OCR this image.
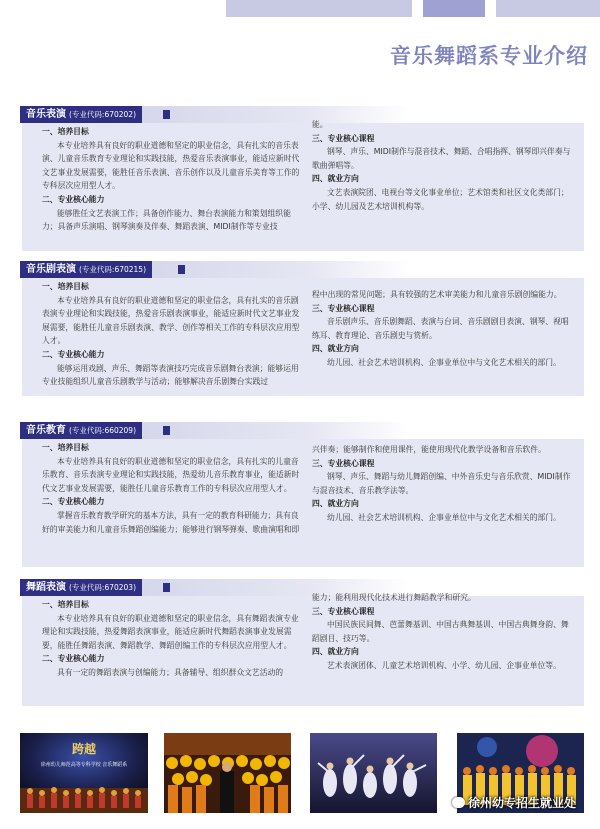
音乐舞蹈系专业介绍
音乐表演 (专业代码:670202)

一、培养目标

本专业培养具有良好的职业道德和坚定的职业信念，具有扎实的音乐表演、儿童音乐教育专业理论和实践技能，热爱音乐表演事业，能适应新时代文艺事业发展需要，能胜任音乐表演、音乐创作以及儿童音乐美育等工作的专科层次应用型人才。

二、专业核心能力

能够胜任文艺表演工作；具备创作能力、舞台表演能力和策划组织能力；具备声乐演唱、钢琴演奏及伴奏、舞蹈表演、MIDI制作等专业技

能。

三、专业核心课程

钢琴、声乐、MIDI制作与混音技术、舞蹈、合唱指挥、钢琴即兴伴奏与歌曲弹唱等。

四、就业方向

文艺表演院团、电视台等文化事业单位；艺术馆类和社区文化类部门；小学、幼儿园及艺术培训机构等。

音乐剧表演 (专业代码:670215)

一、培养目标

本专业培养具有良好的职业道德和坚定的职业信念，具有扎实的音乐剧表演专业理论和实践技能，热爱音乐剧表演事业，能适应新时代文艺事业发展需要，能胜任儿童音乐剧表演、教学、创作等相关工作的专科层次应用型人才。

二、专业核心能力

能够运用戏剧、声乐、舞蹈等表演技巧完成音乐剧舞台表演；能够运用专业技能组织儿童音乐剧教学与活动；能够解决音乐剧舞台实践过

程中出现的常见问题；具有较强的艺术审美能力和儿童音乐剧创编能力。

三、专业核心课程

音乐剧声乐、音乐剧舞蹈、表演与台词、音乐剧剧目表演、钢琴、视唱练耳、教育理论、音乐剧史与赏析。

四、就业方向

幼儿园、社会艺术培训机构、企事业单位中与文化艺术相关的部门。

音乐教育 (专业代码:660209)

一、培养目标

本专业培养具有良好的职业道德和坚定的职业信念，具有扎实的儿童音乐教育、音乐表演专业理论和实践技能，热爱幼儿音乐教育事业，能适新时代文艺事业发展需要，能胜任儿童音乐教育工作的专科层次应用型人才。

二、专业核心能力

掌握音乐教育教学研究的基本方法，具有一定的教育科研能力；具有良好的审美能力和儿童音乐舞蹈创编能力；能够进行钢琴弹奏、歌曲演唱和即

兴伴奏；能够制作和使用课件，能使用现代化教学设备和音乐软件。

三、专业核心课程

钢琴、声乐、舞蹈与幼儿舞蹈创编、中外音乐史与音乐欣赏、MIDI制作与混音技术、音乐教学法等。

四、就业方向

幼儿园、社会艺术培训机构、企事业单位中与文化艺术相关的部门。

舞蹈表演 (专业代码:670203)

一、培养目标

本专业培养具有良好的职业道德和坚定的职业信念，具有舞蹈表演专业理论和实践技能，热爱舞蹈表演事业，能适应新时代舞蹈表演事业发展需要，能胜任舞蹈表演、舞蹈教学、舞蹈创编工作的专科层次应用型人才。

二、专业核心能力

具有一定的舞蹈表演与创编能力；具备辅导、组织群众文艺活动的

能力；能利用现代化技术进行舞蹈教学和研究。

三、专业核心课程

中国民族民间舞、芭蕾舞基训、中国古典舞基训、中国古典舞身韵、舞蹈剧目、技巧等。

四、就业方向

艺术表演团体、儿童艺术培训机构、小学、幼儿园、企事业单位等。

跨越
徐州幼儿师范高等专科学校 音乐舞蹈系
徐州幼专招生就业处
